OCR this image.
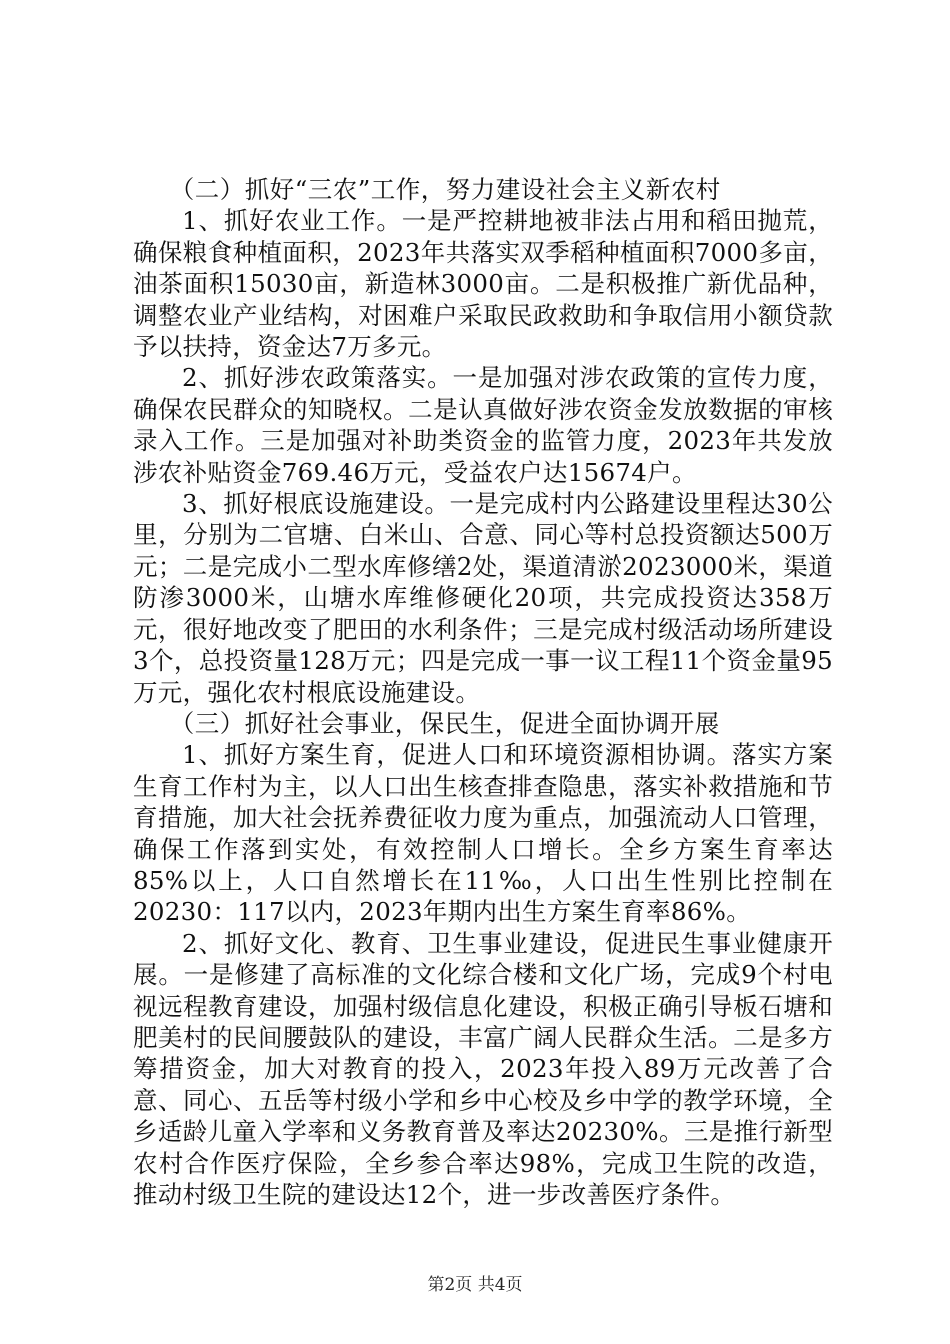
（二）抓好“三农”工作，努力建设社会主义新农村

1、抓好农业工作。一是严控耕地被非法占用和稻田抛荒，确保粮食种植面积，2023年共落实双季稻种植面积7000多亩，油茶面积15030亩，新造林3000亩。二是积极推广新优品种，调整农业产业结构，对困难户采取民政救助和争取信用小额贷款予以扶持，资金达7万多元。

2、抓好涉农政策落实。一是加强对涉农政策的宣传力度，确保农民群众的知晓权。二是认真做好涉农资金发放数据的审核录入工作。三是加强对补助类资金的监管力度，2023年共发放涉农补贴资金769.46万元，受益农户达15674户。

3、抓好根底设施建设。一是完成村内公路建设里程达30公里，分别为二官塘、白米山、合意、同心等村总投资额达500万元；二是完成小二型水库修缮2处，渠道清淤2023000米，渠道防渗3000米，山塘水库维修硬化20项，共完成投资达358万元，很好地改变了肥田的水利条件；三是完成村级活动场所建设3个，总投资量128万元；四是完成一事一议工程11个资金量95万元，强化农村根底设施建设。

（三）抓好社会事业，保民生，促进全面协调开展

1、抓好方案生育，促进人口和环境资源相协调。落实方案生育工作村为主，以人口出生核查排查隐患，落实补救措施和节育措施，加大社会抚养费征收力度为重点，加强流动人口管理，确保工作落到实处，有效控制人口增长。全乡方案生育率达85%以上，人口自然增长在11‰，人口出生性别比控制在20230：117以内，2023年期内出生方案生育率86%。

2、抓好文化、教育、卫生事业建设，促进民生事业健康开展。一是修建了高标准的文化综合楼和文化广场，完成9个村电视远程教育建设，加强村级信息化建设，积极正确引导板石塘和肥美村的民间腰鼓队的建设，丰富广阔人民群众生活。二是多方筹措资金，加大对教育的投入，2023年投入89万元改善了合意、同心、五岳等村级小学和乡中心校及乡中学的教学环境，全乡适龄儿童入学率和义务教育普及率达20230%。三是推行新型农村合作医疗保险，全乡参合率达98%，完成卫生院的改造，推动村级卫生院的建设达12个，进一步改善医疗条件。

第2页 共4页
